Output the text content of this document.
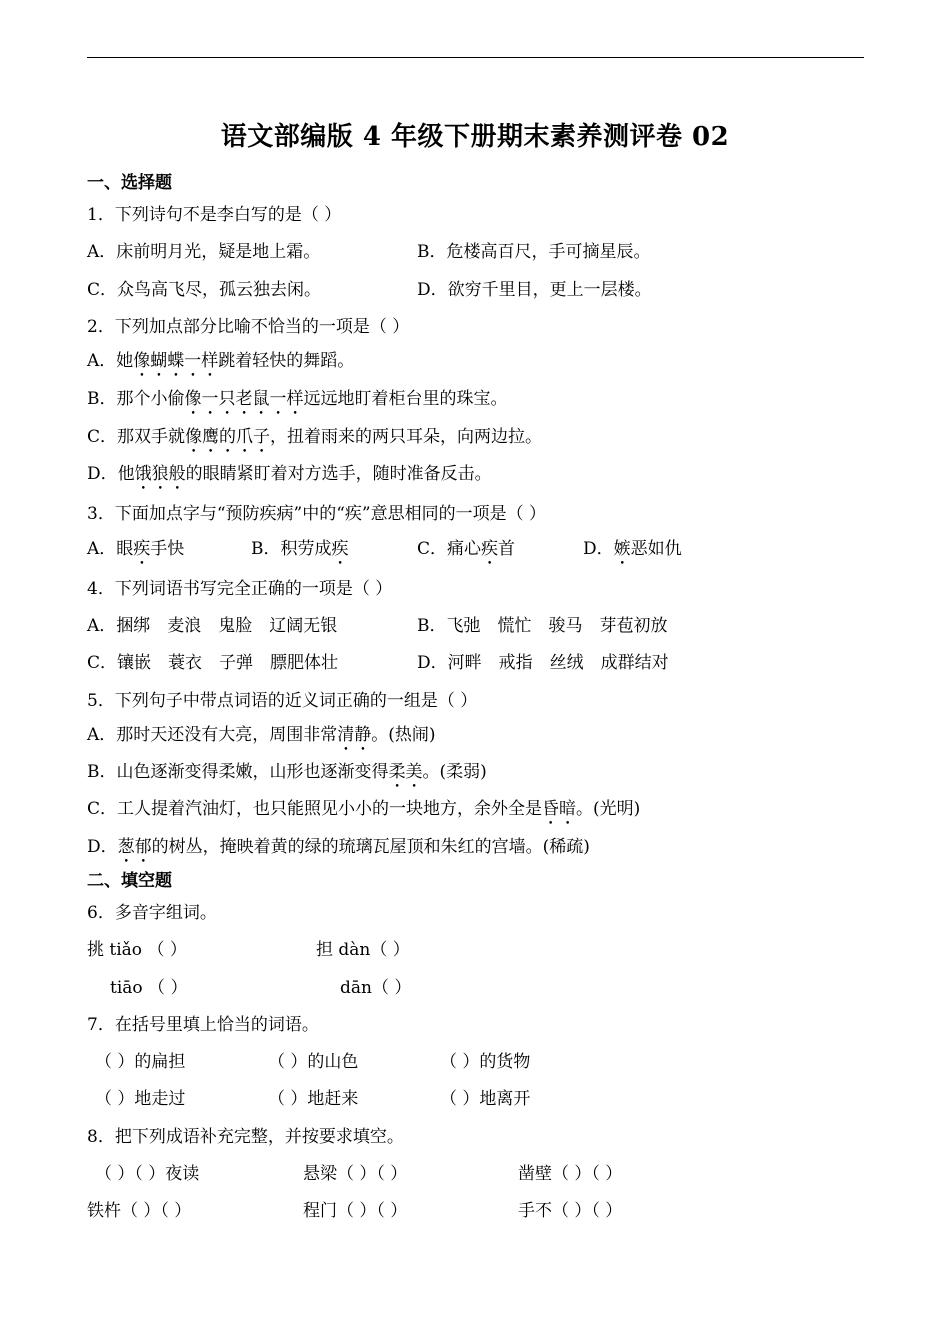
语文部编版 4 年级下册期末素养测评卷 02
一、选择题
1．下列诗句不是李白写的是（ ）
A．床前明月光，疑是地上霜。	B．危楼高百尺，手可摘星辰。
C．众鸟高飞尽，孤云独去闲。	D．欲穷千里目，更上一层楼。
2．下列加点部分比喻不恰当的一项是（ ）
A．她像蝴蝶一样跳着轻快的舞蹈。
B．那个小偷像一只老鼠一样远远地盯着柜台里的珠宝。
C．那双手就像鹰的爪子，扭着雨来的两只耳朵，向两边拉。
D．他饿狼般的眼睛紧盯着对方选手，随时准备反击。
3．下面加点字与“预防疾病”中的“疾”意思相同的一项是（ ）
A．眼疾手快	B．积劳成疾	C．痛心疾首	D．嫉恶如仇
4．下列词语书写完全正确的一项是（ ）
A．捆绑　麦浪　鬼脸　辽阔无银	B．飞弛　慌忙　骏马　芽苞初放
C．镶嵌　蓑衣　子弹　膘肥体壮	D．河畔　戒指　丝绒　成群结对
5．下列句子中带点词语的近义词正确的一组是（ ）
A．那时天还没有大亮，周围非常清静。(热闹)
B．山色逐渐变得柔嫩，山形也逐渐变得柔美。(柔弱)
C．工人提着汽油灯，也只能照见小小的一块地方，余外全是昏暗。(光明)
D．葱郁的树丛，掩映着黄的绿的琉璃瓦屋顶和朱红的宫墙。(稀疏)
二、填空题
6．多音字组词。
挑 tiǎo （ ）	担 dàn（ ）
tiāo （ ）	dān（ ）
7．在括号里填上恰当的词语。
（ ）的扁担	（ ）的山色	（ ）的货物
（ ）地走过	（ ）地赶来	（ ）地离开
8．把下列成语补充完整，并按要求填空。
（ ）（ ）夜读	悬梁（ ）（ ）	凿壁（ ）（ ）
铁杵（ ）（ ）	程门（ ）（ ）	手不（ ）（ ）
